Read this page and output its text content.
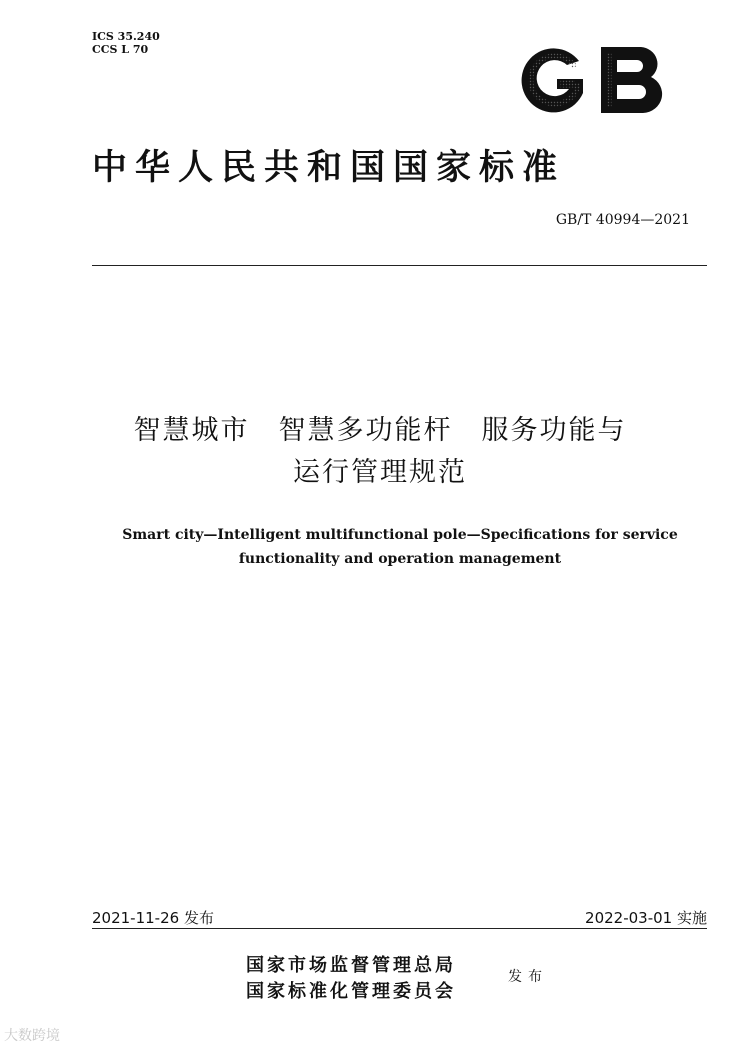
ICS 35.240
CCS L 70
中华人民共和国国家标准
GB/T 40994—2021
智慧城市　智慧多功能杆　服务功能与
运行管理规范
Smart city—Intelligent multifunctional pole—Specifications for service
functionality and operation management
2021-11-26 发布	2022-03-01 实施
国家市场监督管理总局
国家标准化管理委员会
发布
大数跨境
